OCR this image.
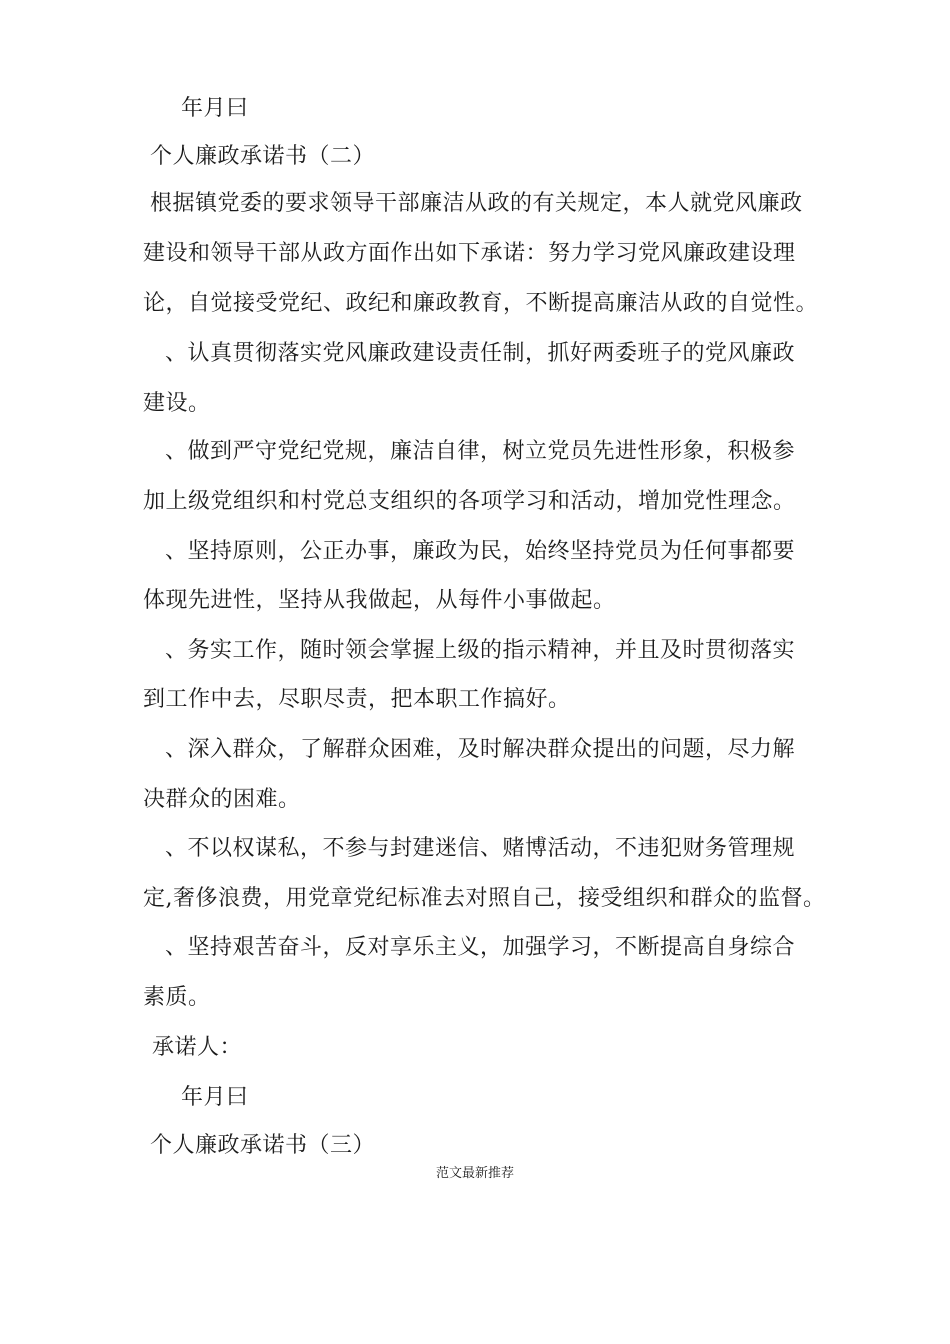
年月曰
个人廉政承诺书（二）
根据镇党委的要求领导干部廉洁从政的有关规定，本人就党风廉政
建设和领导干部从政方面作出如下承诺：努力学习党风廉政建设理
论，自觉接受党纪、政纪和廉政教育，不断提高廉洁从政的自觉性。
、认真贯彻落实党风廉政建设责任制，抓好两委班子的党风廉政
建设。
、做到严守党纪党规，廉洁自律，树立党员先进性形象，积极参
加上级党组织和村党总支组织的各项学习和活动，增加党性理念。
、坚持原则，公正办事，廉政为民，始终坚持党员为任何事都要
体现先进性，坚持从我做起，从每件小事做起。
、务实工作，随时领会掌握上级的指示精神，并且及时贯彻落实
到工作中去，尽职尽责，把本职工作搞好。
、深入群众，了解群众困难，及时解决群众提出的问题，尽力解
决群众的困难。
、不以权谋私，不参与封建迷信、赌博活动，不违犯财务管理规
定,奢侈浪费，用党章党纪标准去对照自己，接受组织和群众的监督。
、坚持艰苦奋斗，反对享乐主义，加强学习，不断提高自身综合
素质。
承诺人：
年月曰
个人廉政承诺书（三）
范文最新推荐
